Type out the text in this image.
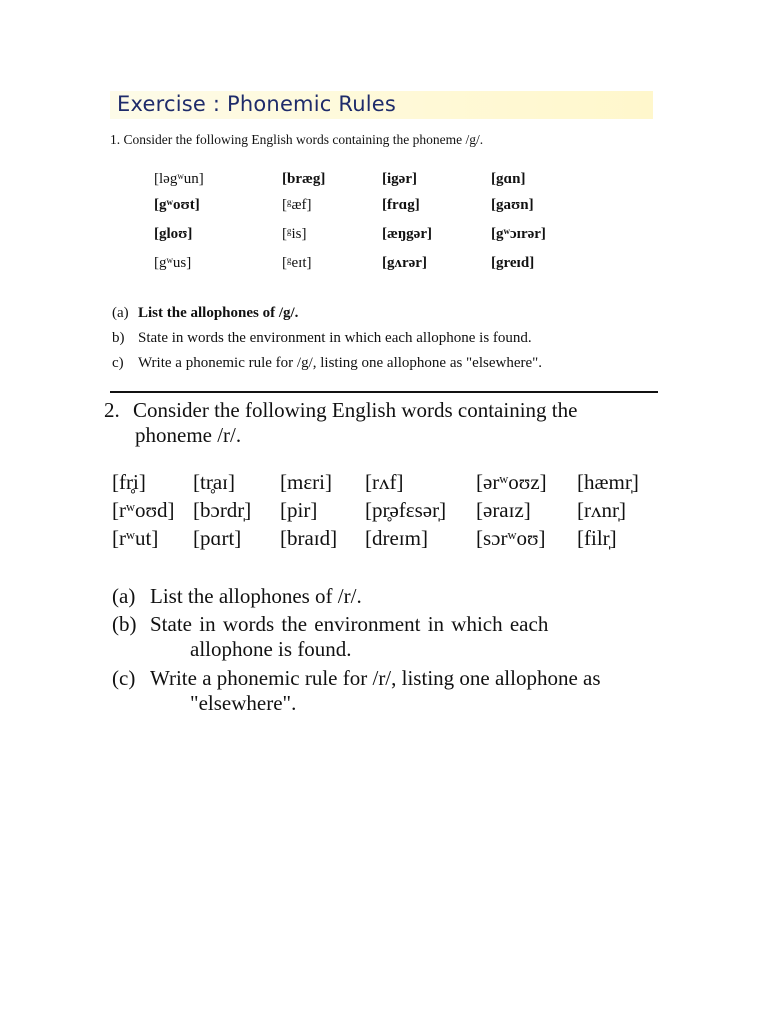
Exercise : Phonemic Rules
1. Consider the following English words containing the phoneme /g/.
[ləgʷun]	[bræg]	[igər]	[gɑn]
[gʷoʊt]	[ᵍæf]	[frɑg]	[gaʊn]
[gloʊ]	[ᵍis]	[æŋgər]	[gʷɔɪrər]
[gʷus]	[ᵍeɪt]	[gʌrər]	[greɪd]
(a) List the allophones of /g/.
b) State in words the environment in which each allophone is found.
c) Write a phonemic rule for /g/, listing one allophone as "elsewhere".
2. Consider the following English words containing the
phoneme /r/.
[fr̥i] [tr̥aɪ] [mɛri] [rʌf]	[ərʷoʊz] [hæmr̩]
[rʷoʊd] [bɔrdr̩] [pir] [pr̥əfɛsər̩] [əraɪz] [rʌnr̩]
[rʷut] [pɑrt] [braɪd] [dreɪm] [sɔrʷoʊ] [filr̩]
(a) List the allophones of /r/.
(b) State in words the environment in which each
allophone is found.
(c) Write a phonemic rule for /r/, listing one allophone as
"elsewhere".
